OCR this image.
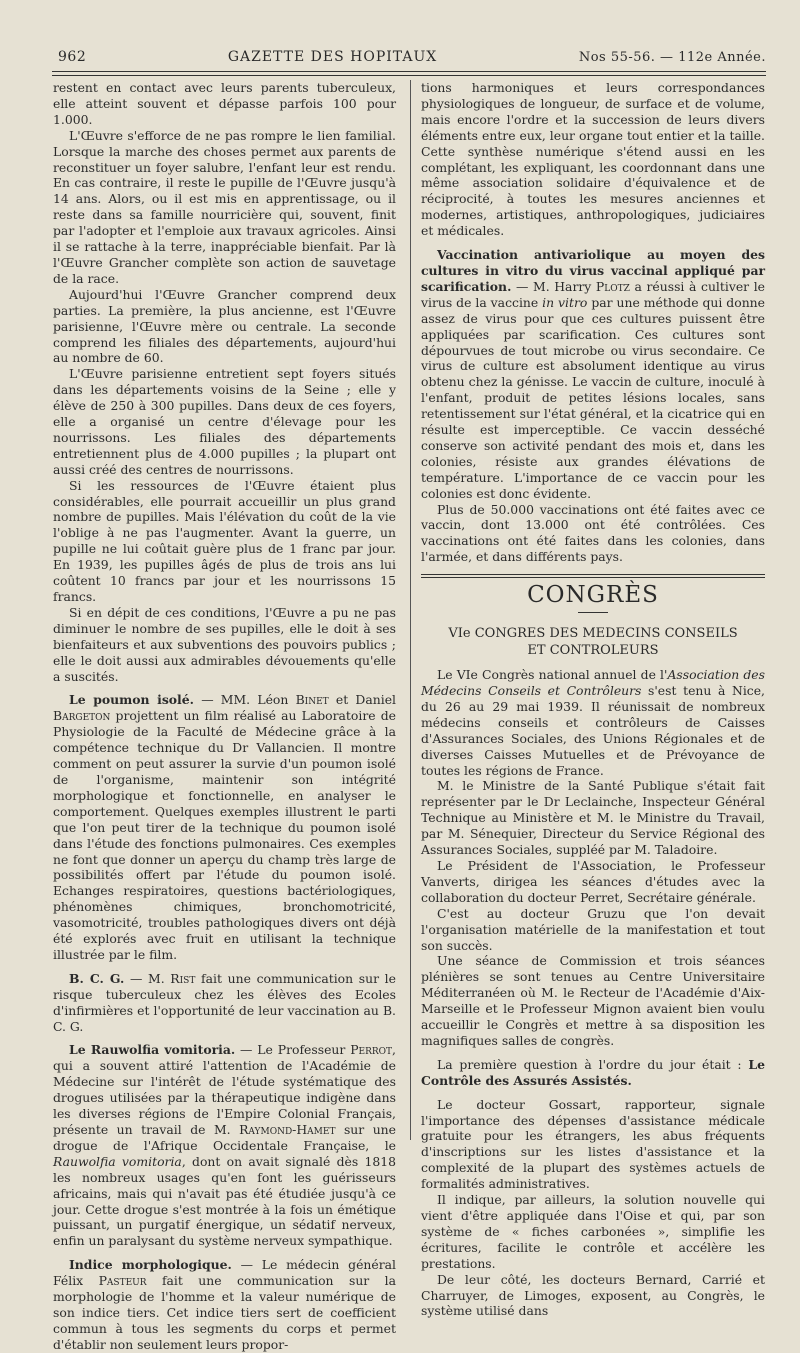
962	GAZETTE DES HOPITAUX	Nos 55-56. — 112e Année.

restent en contact avec leurs parents tuberculeux, elle atteint souvent et dépasse parfois 100 pour 1.000.

L'Œuvre s'efforce de ne pas rompre le lien familial. Lorsque la marche des choses permet aux parents de reconstituer un foyer salubre, l'enfant leur est rendu. En cas contraire, il reste le pupille de l'Œuvre jusqu'à 14 ans. Alors, ou il est mis en apprentissage, ou il reste dans sa famille nourricière qui, souvent, finit par l'adopter et l'emploie aux travaux agricoles. Ainsi il se rattache à la terre, inappréciable bienfait. Par là l'Œuvre Grancher complète son action de sauvetage de la race.

Aujourd'hui l'Œuvre Grancher comprend deux parties. La première, la plus ancienne, est l'Œuvre parisienne, l'Œuvre mère ou centrale. La seconde comprend les filiales des départements, aujourd'hui au nombre de 60.

L'Œuvre parisienne entretient sept foyers situés dans les départements voisins de la Seine ; elle y élève de 250 à 300 pupilles. Dans deux de ces foyers, elle a organisé un centre d'élevage pour les nourrissons. Les filiales des départements entretiennent plus de 4.000 pupilles ; la plupart ont aussi créé des centres de nourrissons.

Si les ressources de l'Œuvre étaient plus considérables, elle pourrait accueillir un plus grand nombre de pupilles. Mais l'élévation du coût de la vie l'oblige à ne pas l'augmenter. Avant la guerre, un pupille ne lui coûtait guère plus de 1 franc par jour. En 1939, les pupilles âgés de plus de trois ans lui coûtent 10 francs par jour et les nourrissons 15 francs.

Si en dépit de ces conditions, l'Œuvre a pu ne pas diminuer le nombre de ses pupilles, elle le doit à ses bienfaiteurs et aux subventions des pouvoirs publics ; elle le doit aussi aux admirables dévouements qu'elle a suscités.

Le poumon isolé. — MM. Léon Binet et Daniel Bargeton projettent un film réalisé au Laboratoire de Physiologie de la Faculté de Médecine grâce à la compétence technique du Dr Vallancien. Il montre comment on peut assurer la survie d'un poumon isolé de l'organisme, maintenir son intégrité morphologique et fonctionnelle, en analyser le comportement. Quelques exemples illustrent le parti que l'on peut tirer de la technique du poumon isolé dans l'étude des fonctions pulmonaires. Ces exemples ne font que donner un aperçu du champ très large de possibilités offert par l'étude du poumon isolé. Echanges respiratoires, questions bactériologiques, phénomènes chimiques, bronchomotricité, vasomotricité, troubles pathologiques divers ont déjà été explorés avec fruit en utilisant la technique illustrée par le film.

B. C. G. — M. Rist fait une communication sur le risque tuberculeux chez les élèves des Ecoles d'infirmières et l'opportunité de leur vaccination au B. C. G.

Le Rauwolfia vomitoria. — Le Professeur Perrot, qui a souvent attiré l'attention de l'Académie de Médecine sur l'intérêt de l'étude systématique des drogues utilisées par la thérapeutique indigène dans les diverses régions de l'Empire Colonial Français, présente un travail de M. Raymond-Hamet sur une drogue de l'Afrique Occidentale Française, le Rauwolfia vomitoria, dont on avait signalé dès 1818 les nombreux usages qu'en font les guérisseurs africains, mais qui n'avait pas été étudiée jusqu'à ce jour. Cette drogue s'est montrée à la fois un émétique puissant, un purgatif énergique, un sédatif nerveux, enfin un paralysant du système nerveux sympathique.

Indice morphologique. — Le médecin général Félix Pasteur fait une communication sur la morphologie de l'homme et la valeur numérique de son indice tiers. Cet indice tiers sert de coefficient commun à tous les segments du corps et permet d'établir non seulement leurs propor-

tions harmoniques et leurs correspondances physiologiques de longueur, de surface et de volume, mais encore l'ordre et la succession de leurs divers éléments entre eux, leur organe tout entier et la taille. Cette synthèse numérique s'étend aussi en les complétant, les expliquant, les coordonnant dans une même association solidaire d'équivalence et de réciprocité, à toutes les mesures anciennes et modernes, artistiques, anthropologiques, judiciaires et médicales.

Vaccination antivariolique au moyen des cultures in vitro du virus vaccinal appliqué par scarification. — M. Harry Plotz a réussi à cultiver le virus de la vaccine in vitro par une méthode qui donne assez de virus pour que ces cultures puissent être appliquées par scarification. Ces cultures sont dépourvues de tout microbe ou virus secondaire. Ce virus de culture est absolument identique au virus obtenu chez la génisse. Le vaccin de culture, inoculé à l'enfant, produit de petites lésions locales, sans retentissement sur l'état général, et la cicatrice qui en résulte est imperceptible. Ce vaccin desséché conserve son activité pendant des mois et, dans les colonies, résiste aux grandes élévations de température. L'importance de ce vaccin pour les colonies est donc évidente.

Plus de 50.000 vaccinations ont été faites avec ce vaccin, dont 13.000 ont été contrôlées. Ces vaccinations ont été faites dans les colonies, dans l'armée, et dans différents pays.

CONGRÈS
VIe CONGRES DES MEDECINS CONSEILS
ET CONTROLEURS

Le VIe Congrès national annuel de l'Association des Médecins Conseils et Contrôleurs s'est tenu à Nice, du 26 au 29 mai 1939. Il réunissait de nombreux médecins conseils et contrôleurs de Caisses d'Assurances Sociales, des Unions Régionales et de diverses Caisses Mutuelles et de Prévoyance de toutes les régions de France.

M. le Ministre de la Santé Publique s'était fait représenter par le Dr Leclainche, Inspecteur Général Technique au Ministère et M. le Ministre du Travail, par M. Sénequier, Directeur du Service Régional des Assurances Sociales, suppléé par M. Taladoire.

Le Président de l'Association, le Professeur Vanverts, dirigea les séances d'études avec la collaboration du docteur Perret, Secrétaire générale.

C'est au docteur Gruzu que l'on devait l'organisation matérielle de la manifestation et tout son succès.

Une séance de Commission et trois séances plénières se sont tenues au Centre Universitaire Méditerranéen où M. le Recteur de l'Académie d'Aix-Marseille et le Professeur Mignon avaient bien voulu accueillir le Congrès et mettre à sa disposition les magnifiques salles de congrès.

La première question à l'ordre du jour était : Le Contrôle des Assurés Assistés.

Le docteur Gossart, rapporteur, signale l'importance des dépenses d'assistance médicale gratuite pour les étrangers, les abus fréquents d'inscriptions sur les listes d'assistance et la complexité de la plupart des systèmes actuels de formalités administratives.

Il indique, par ailleurs, la solution nouvelle qui vient d'être appliquée dans l'Oise et qui, par son système de « fiches carbonées », simplifie les écritures, facilite le contrôle et accélère les prestations.

De leur côté, les docteurs Bernard, Carrié et Charruyer, de Limoges, exposent, au Congrès, le système utilisé dans
